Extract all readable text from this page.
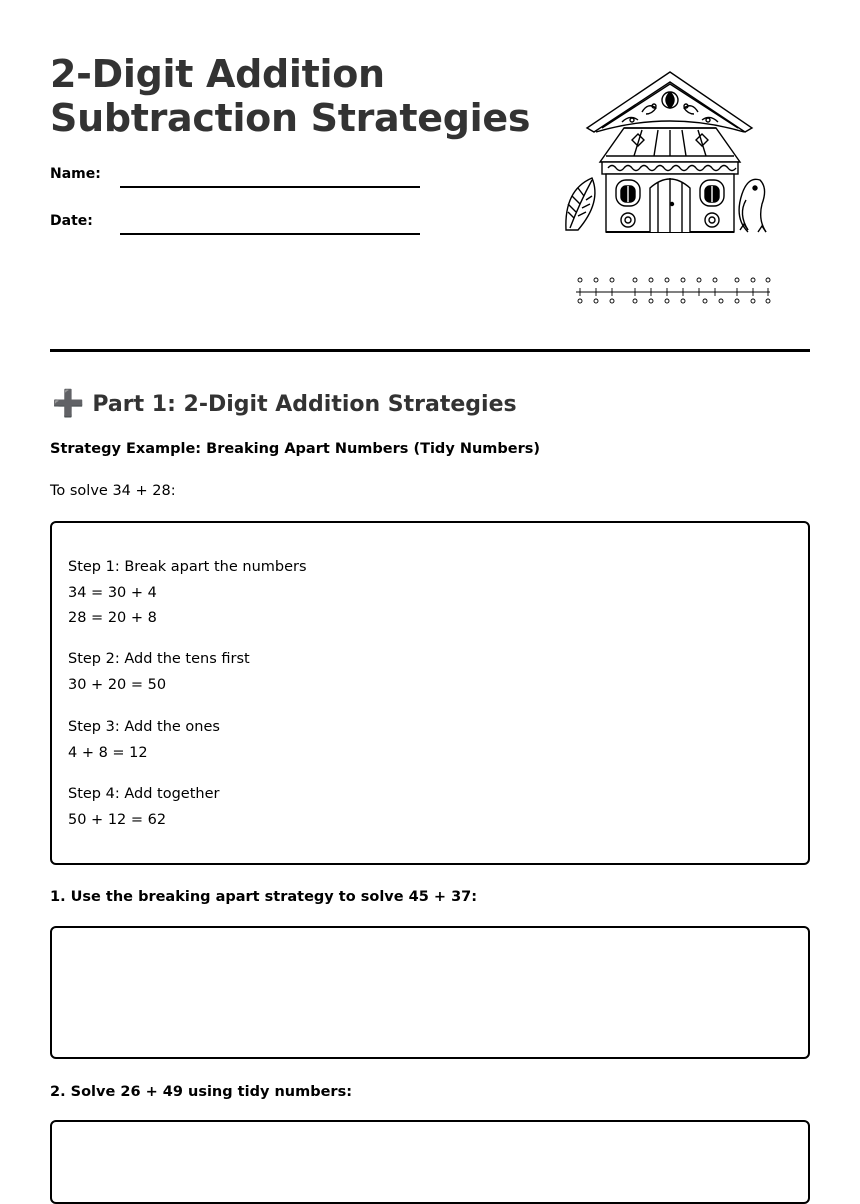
2-Digit Addition
Subtraction Strategies
Name:
Date:
➕ Part 1: 2-Digit Addition Strategies
Strategy Example: Breaking Apart Numbers (Tidy Numbers)
To solve 34 + 28:
Step 1: Break apart the numbers
34 = 30 + 4
28 = 20 + 8
Step 2: Add the tens first
30 + 20 = 50
Step 3: Add the ones
4 + 8 = 12
Step 4: Add together
50 + 12 = 62
1. Use the breaking apart strategy to solve 45 + 37:
2. Solve 26 + 49 using tidy numbers:
